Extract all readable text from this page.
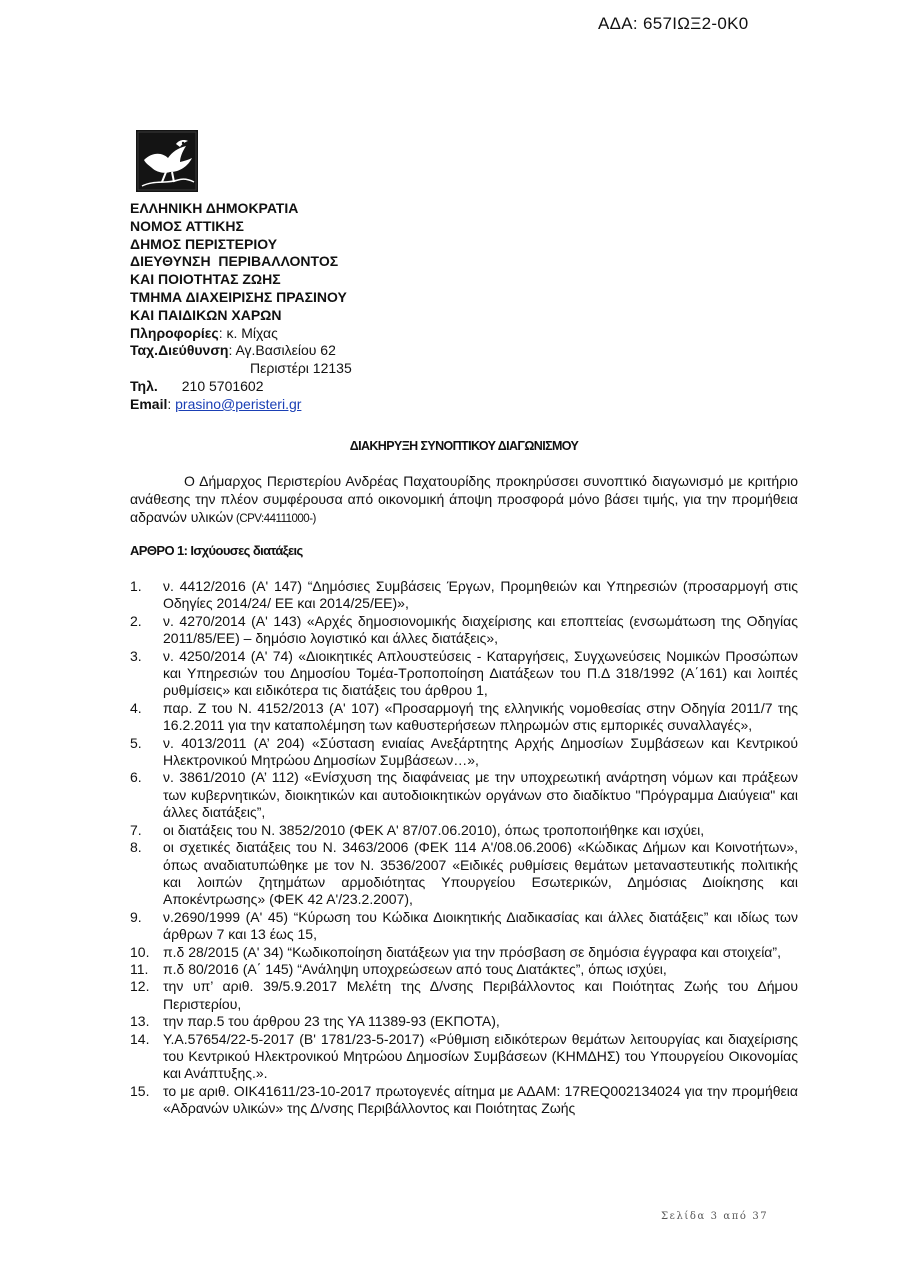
ΑΔΑ: 657ΙΩΞ2-0Κ0
ΕΛΛΗΝΙΚΗ ΔΗΜΟΚΡΑΤΙΑ
ΝΟΜΟΣ ΑΤΤΙΚΗΣ
ΔΗΜΟΣ ΠΕΡΙΣΤΕΡΙΟΥ
ΔΙΕΥΘΥΝΣΗ  ΠΕΡΙΒΑΛΛΟΝΤΟΣ
ΚΑΙ ΠΟΙΟΤΗΤΑΣ ΖΩΗΣ
ΤΜΗΜΑ ΔΙΑΧΕΙΡΙΣΗΣ ΠΡΑΣΙΝΟΥ
ΚΑΙ ΠΑΙΔΙΚΩΝ ΧΑΡΩΝ
Πληροφορίες: κ. Μίχας
Ταχ.Διεύθυνση: Αγ.Βασιλείου 62
Περιστέρι 12135
Τηλ. 210 5701602
Email: prasino@peristeri.gr
ΔΙΑΚΗΡΥΞΗ ΣΥΝΟΠΤΙΚΟΥ ΔΙΑΓΩΝΙΣΜΟΥ
Ο Δήμαρχος Περιστερίου Ανδρέας Παχατουρίδης προκηρύσσει συνοπτικό διαγωνισμό με κριτήριο ανάθεσης την πλέον συμφέρουσα από οικονομική άποψη προσφορά μόνο βάσει τιμής, για την προμήθεια αδρανών υλικών (CPV:44111000-)
ΑΡΘΡΟ 1: Ισχύουσες διατάξεις
1. ν. 4412/2016 (Α' 147) “Δημόσιες Συμβάσεις Έργων, Προμηθειών και Υπηρεσιών (προσαρμογή στις Οδηγίες 2014/24/ ΕΕ και 2014/25/ΕΕ)»,
2. ν. 4270/2014 (Α' 143) «Αρχές δημοσιονομικής διαχείρισης και εποπτείας (ενσωμάτωση της Οδηγίας 2011/85/ΕΕ) – δημόσιο λογιστικό και άλλες διατάξεις»,
3. ν. 4250/2014 (Α' 74) «Διοικητικές Απλουστεύσεις - Καταργήσεις, Συγχωνεύσεις Νομικών Προσώπων και Υπηρεσιών του Δημοσίου Τομέα-Τροποποίηση Διατάξεων του Π.Δ 318/1992 (Α΄161) και λοιπές ρυθμίσεις» και ειδικότερα τις διατάξεις του άρθρου 1,
4. παρ. Ζ του Ν. 4152/2013 (Α' 107) «Προσαρμογή της ελληνικής νομοθεσίας στην Οδηγία 2011/7 της 16.2.2011 για την καταπολέμηση των καθυστερήσεων πληρωμών στις εμπορικές συναλλαγές»,
5. ν. 4013/2011 (Α’ 204) «Σύσταση ενιαίας Ανεξάρτητης Αρχής Δημοσίων Συμβάσεων και Κεντρικού Ηλεκτρονικού Μητρώου Δημοσίων Συμβάσεων…»,
6. ν. 3861/2010 (Α’ 112) «Ενίσχυση της διαφάνειας με την υποχρεωτική ανάρτηση νόμων και πράξεων των κυβερνητικών, διοικητικών και αυτοδιοικητικών οργάνων στο διαδίκτυο "Πρόγραμμα Διαύγεια" και άλλες διατάξεις”,
7. οι διατάξεις του Ν. 3852/2010 (ΦΕΚ Α' 87/07.06.2010), όπως τροποποιήθηκε και ισχύει,
8. οι σχετικές διατάξεις του Ν. 3463/2006 (ΦΕΚ 114 Α'/08.06.2006) «Κώδικας Δήμων και Κοινοτήτων», όπως αναδιατυπώθηκε με τον Ν. 3536/2007 «Ειδικές ρυθμίσεις θεμάτων μεταναστευτικής πολιτικής και λοιπών ζητημάτων αρμοδιότητας Υπουργείου Εσωτερικών, Δημόσιας Διοίκησης και Αποκέντρωσης» (ΦΕΚ 42 Α'/23.2.2007),
9. ν.2690/1999 (Α' 45) “Κύρωση του Κώδικα Διοικητικής Διαδικασίας και άλλες διατάξεις” και ιδίως των άρθρων 7 και 13 έως 15,
10. π.δ 28/2015 (Α' 34) “Κωδικοποίηση διατάξεων για την πρόσβαση σε δημόσια έγγραφα και στοιχεία”,
11. π.δ 80/2016 (Α΄ 145) “Ανάληψη υποχρεώσεων από τους Διατάκτες”, όπως ισχύει,
12. την υπ’ αριθ. 39/5.9.2017 Μελέτη της Δ/νσης Περιβάλλοντος και Ποιότητας Ζωής του Δήμου Περιστερίου,
13. την παρ.5 του άρθρου 23 της ΥΑ 11389-93 (ΕΚΠΟΤΑ),
14. Υ.Α.57654/22-5-2017 (Β' 1781/23-5-2017) «Ρύθμιση ειδικότερων θεμάτων λειτουργίας και διαχείρισης του Κεντρικού Ηλεκτρονικού Μητρώου Δημοσίων Συμβάσεων (ΚΗΜΔΗΣ) του Υπουργείου Οικονομίας και Ανάπτυξης.».
15. το με αριθ. ΟΙΚ41611/23-10-2017 πρωτογενές αίτημα με ΑΔΑΜ: 17REQ002134024 για την προμήθεια «Αδρανών υλικών» της Δ/νσης Περιβάλλοντος και Ποιότητας Ζωής
Σελίδα 3 από 37
